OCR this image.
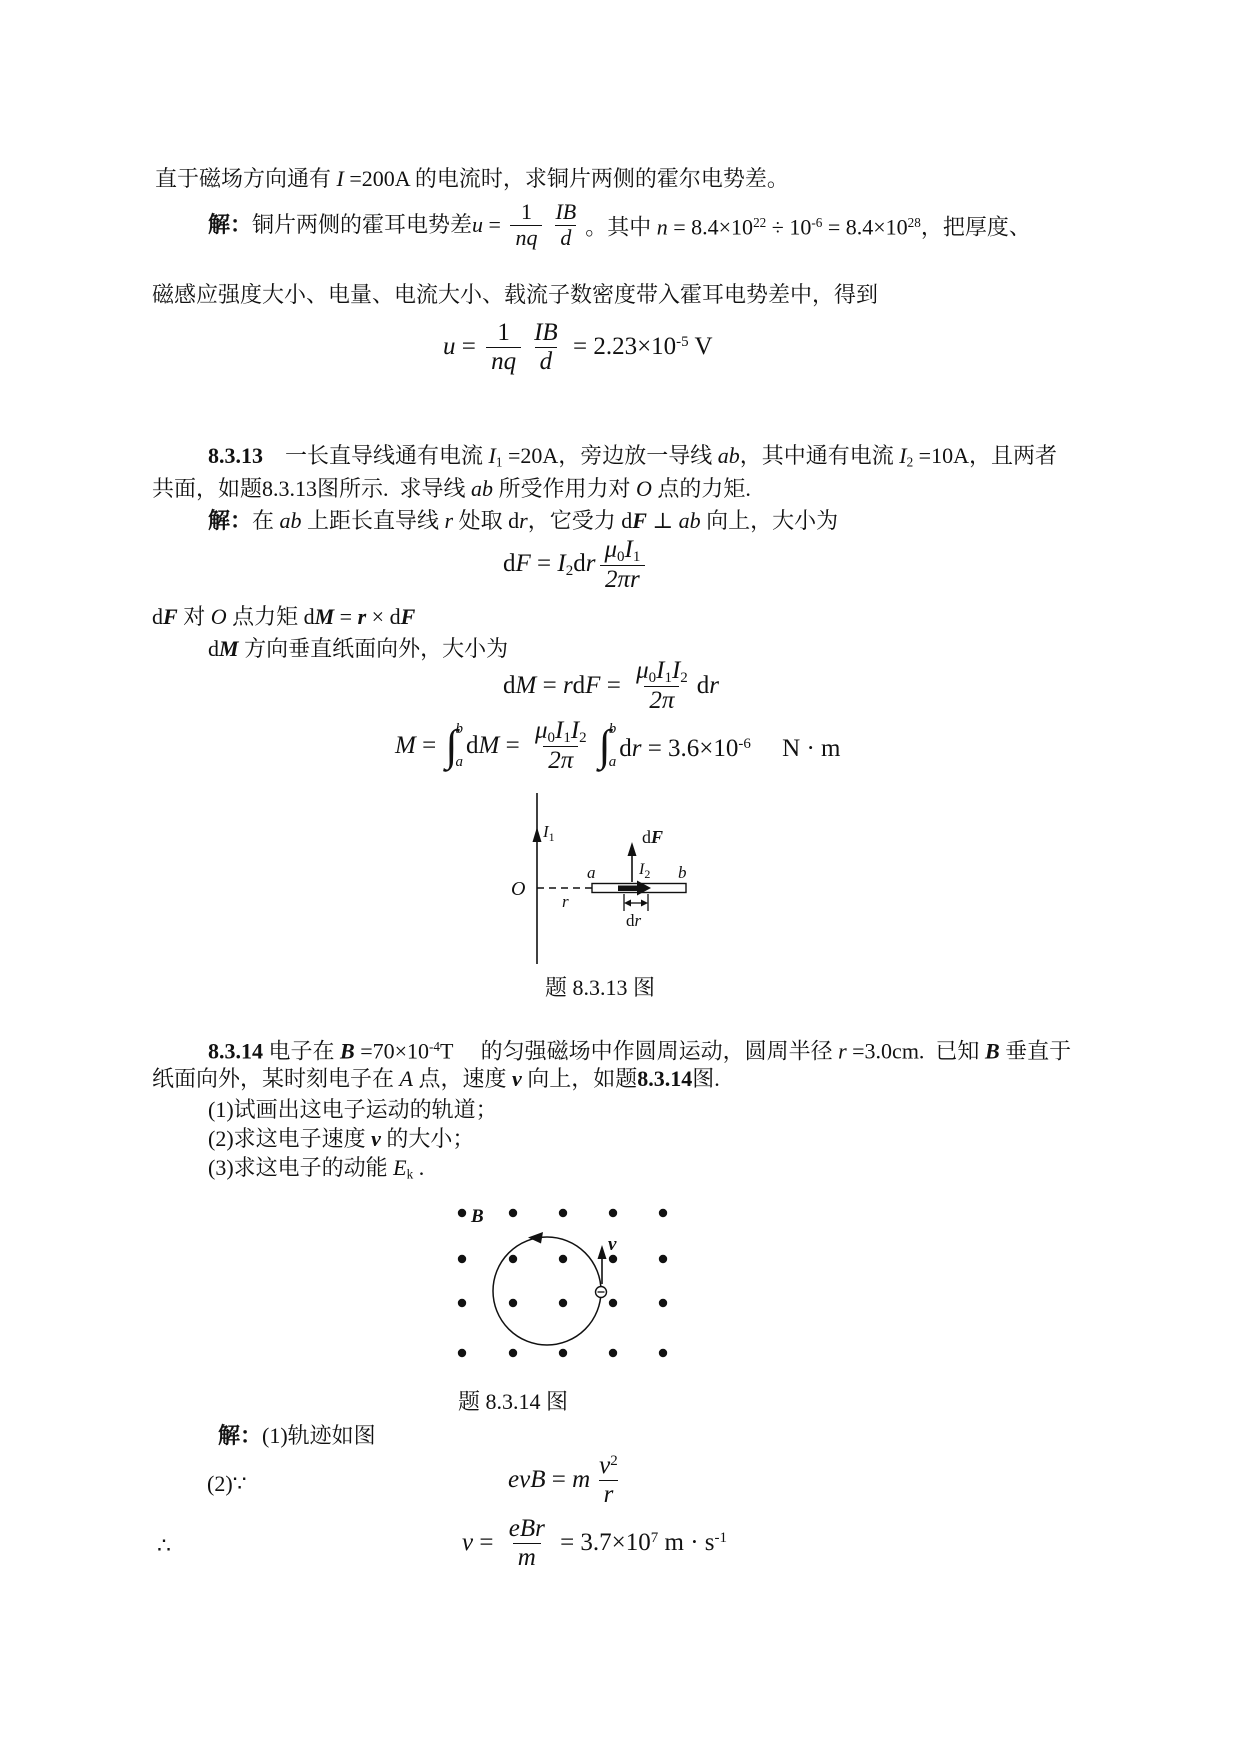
直于磁场方向通有 I =200A 的电流时，求铜片两侧的霍尔电势差。
解：铜片两侧的霍耳电势差$u = \frac{1}{nq} \frac{IB}{d}$ 。其中 $n = 8.4\times 10^{22} \div 10^{-6} = 8.4\times 10^{28}$，把厚度、
磁感应强度大小、电量、电流大小、载流子数密度带入霍耳电势差中，得到
$u = \frac{1}{nq} \frac{IB}{d} = 2.23\times 10^{-5}$ V
8.3.13　一长直导线通有电流 $I_1 =20A$，旁边放一导线 ab，其中通有电流 $I_2 =10A$，且两者
共面，如题8.3.13图所示.  求导线 ab 所受作用力对 O 点的力矩.
解：在 ab 上距长直导线 r 处取 dr，它受力 dF ⊥ ab 向上，大小为
dF = $I_2dr \frac{\mu_0I_1}{2\pi r}$
dF 对 O 点力矩 dM = r × dF
dM 方向垂直纸面向外，大小为
dM = rdF = $\frac{\mu_0I_1I_2}{2\pi}$ dr
M = ∫
b
a
dM = $\frac{\mu_0I_1I_2}{2\pi}$ ∫
b
a dr = $3.6\times 10^{-6}$　 N · m
$I_1$
O
r
a	b
dF
$I_2$
dr
题 8.3.13 图
8.3.14 电子在 $B =70\times 10^{-4}T$　 的匀强磁场中作圆周运动，圆周半径 r =3.0cm.  已知 B 垂直于
纸面向外，某时刻电子在 A 点，速度 v 向上，如题8.3.14图.
(1)试画出这电子运动的轨道；
(2)求这电子速度 v 的大小；
(3)求这电子的动能 $E_k$ .
B
v
题 8.3.14 图
解：(1)轨迹如图
(2)∵	evB = m $\frac{v^2}{r}$
∴	$v = \frac{\text{eBr}}{m} = 3.7\times 10^7$ $m \cdot s^{-1}$
